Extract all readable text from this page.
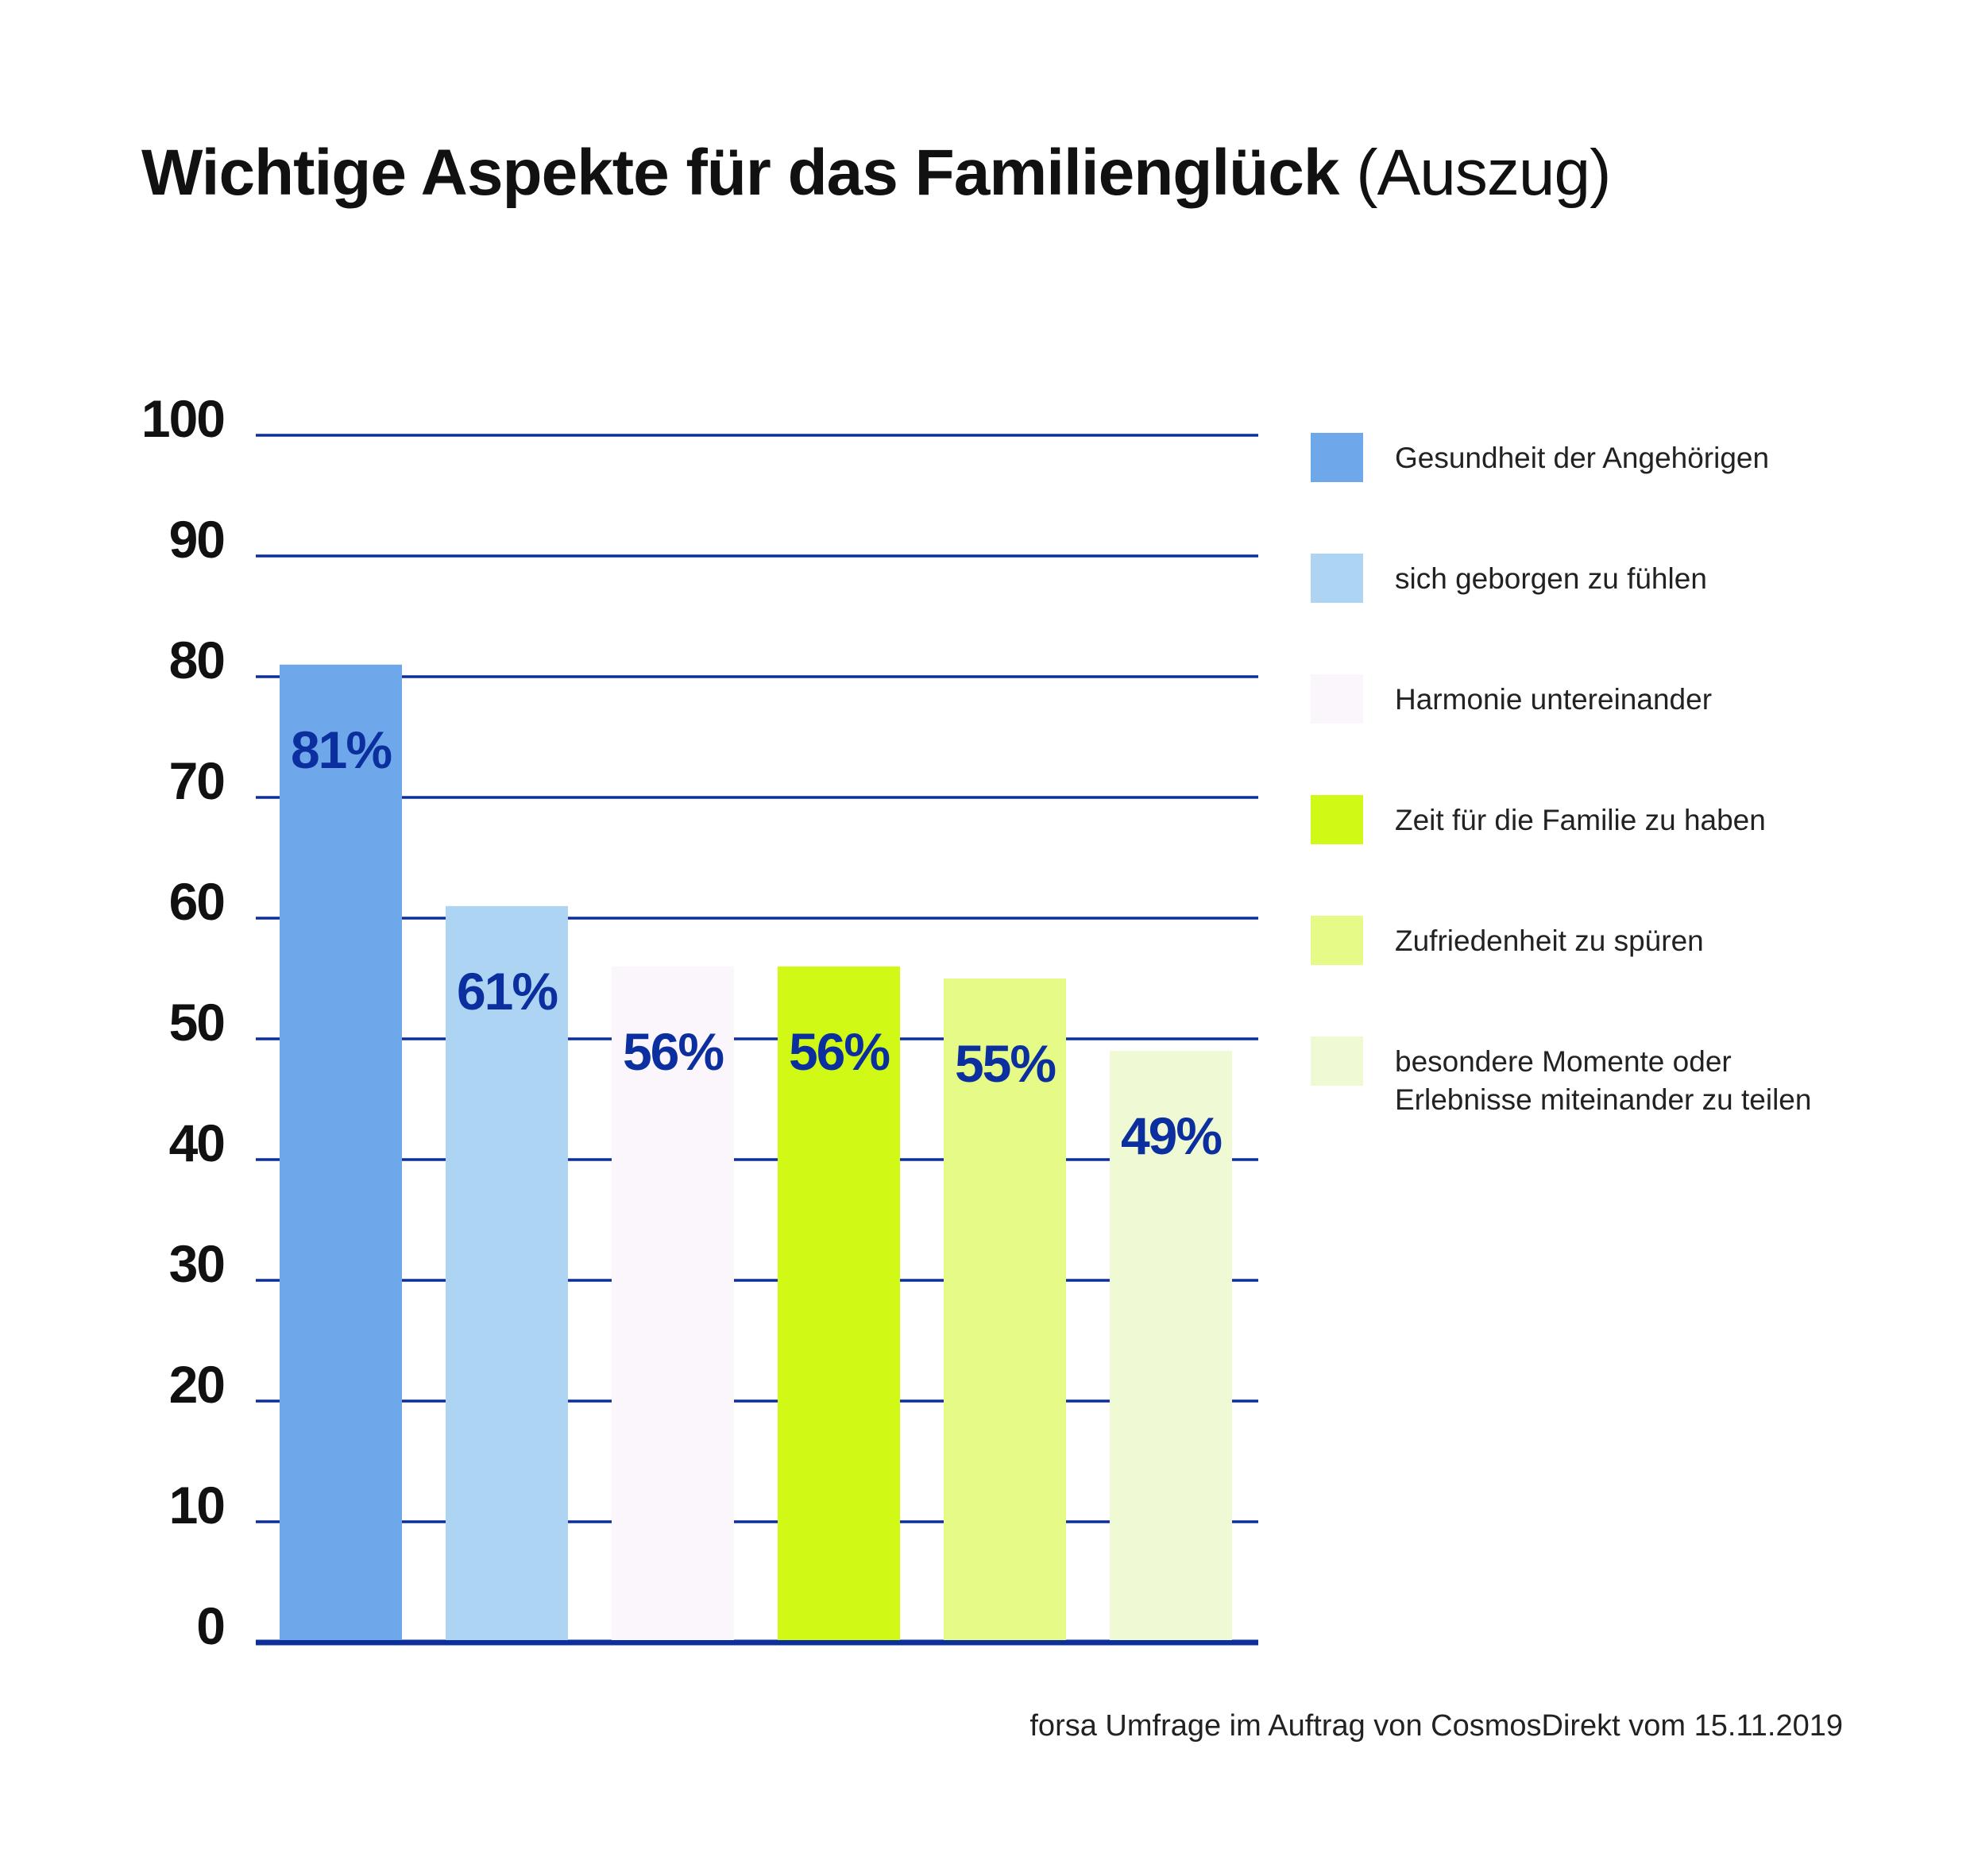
Wichtige Aspekte für das Familienglück (Auszug)
0
10
20
30
40
50
60
70
80
90
100
81%
61%
56% 56% 55%
49%
Gesundheit der Angehörigen
sich geborgen zu fühlen
Harmonie untereinander
Zeit für die Familie zu haben
Zufriedenheit zu spüren
besondere Momente oder
Erlebnisse miteinander zu teilen
forsa Umfrage im Auftrag von CosmosDirekt vom 15.11.2019
